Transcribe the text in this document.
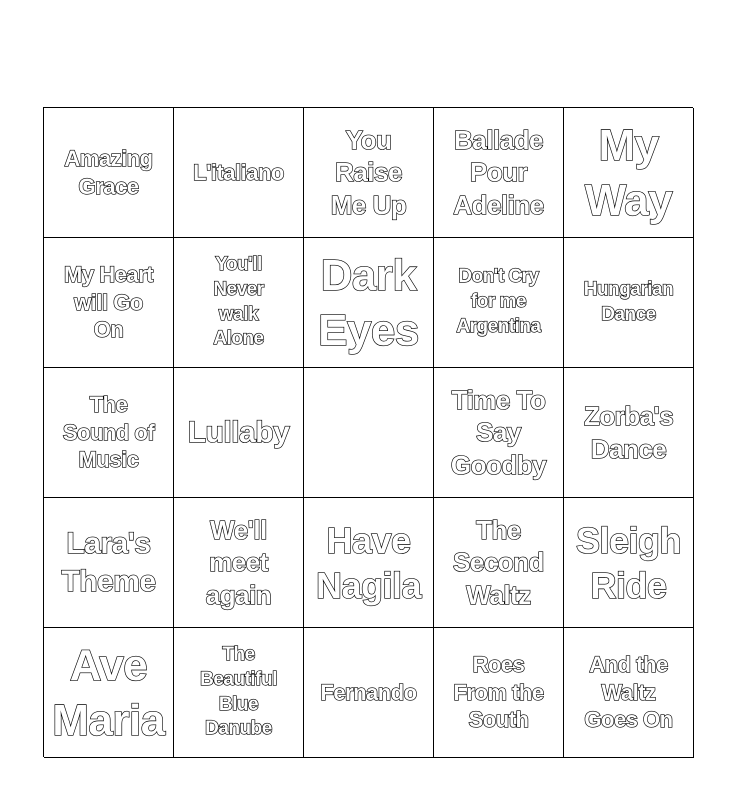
Amazing
Grace
L'italiano
You
Raise
Me Up
Ballade
Pour
Adeline
My
Way
My Heart
will Go
On
You'll
Never
walk
Alone
Dark
Eyes
Don't Cry
for me
Argentina
Hungarian
Dance
The
Sound of
Music
Lullaby
Time To
Say
Goodby
Zorba's
Dance
Lara's
Theme
We'll
meet
again
Have
Nagila
The
Second
Waltz
Sleigh
Ride
Ave
Maria
The
Beautiful
Blue
Danube
Fernando
Roes
From the
South
And the
Waltz
Goes On
